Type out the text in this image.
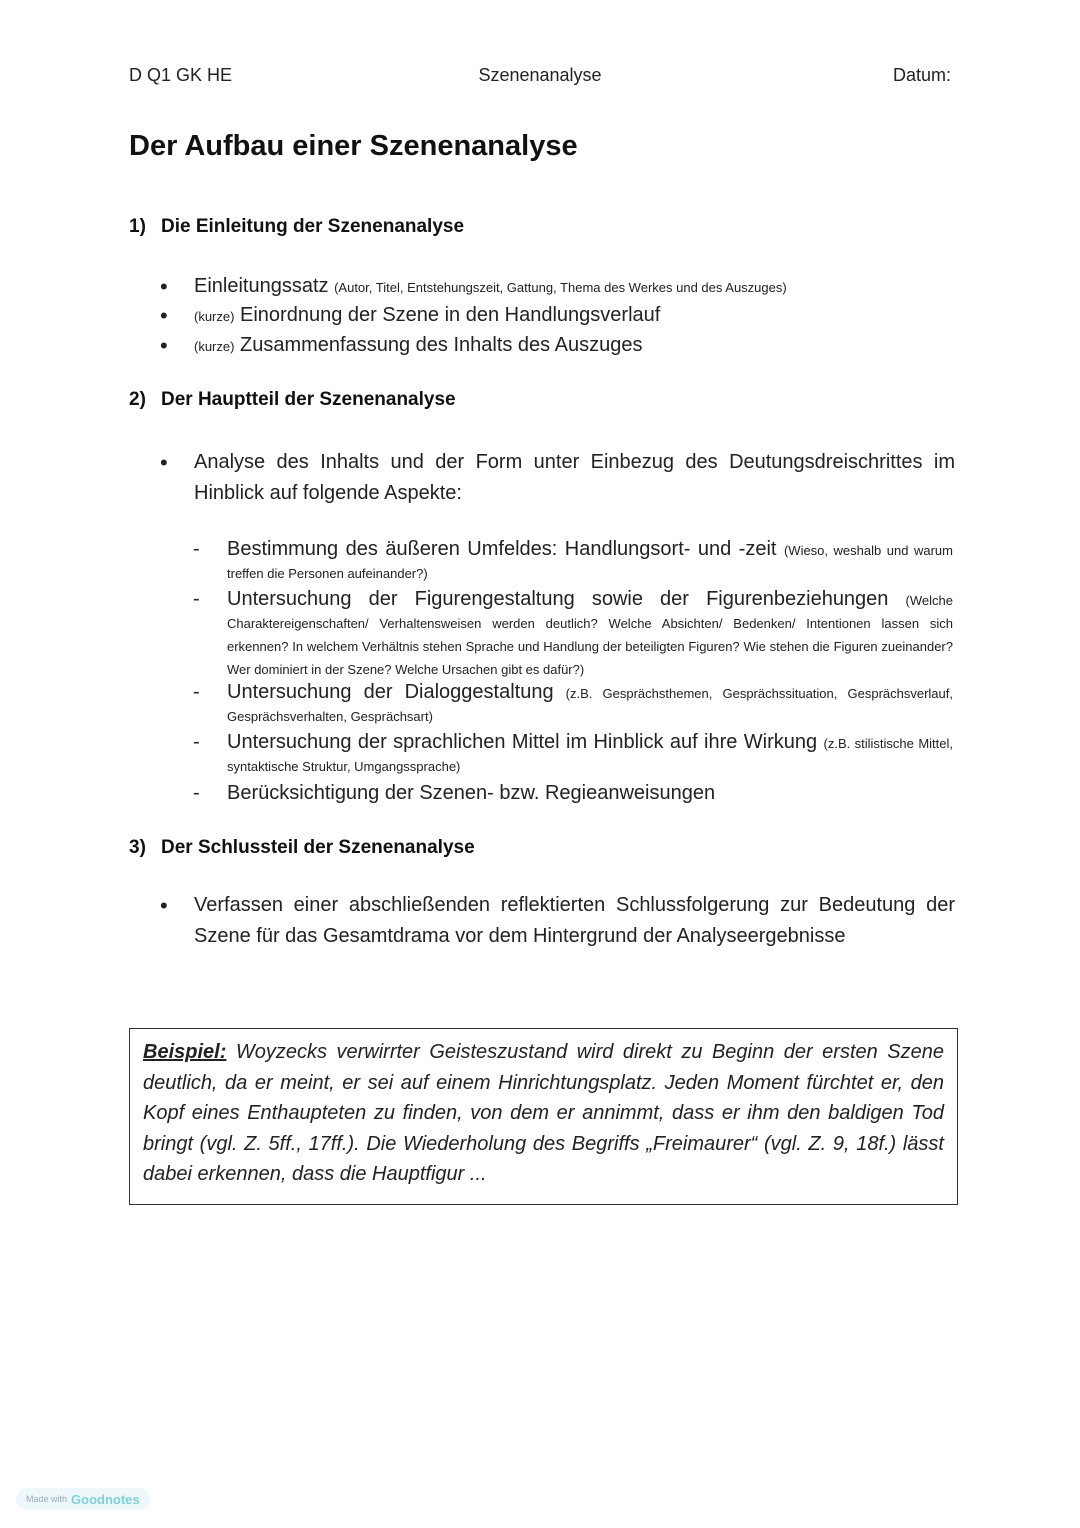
D Q1 GK HE	Szenenanalyse	Datum:
Der Aufbau einer Szenenanalyse
1) Die Einleitung der Szenenanalyse
•	Einleitungssatz (Autor, Titel, Entstehungszeit, Gattung, Thema des Werkes und des Auszuges)
•	(kurze) Einordnung der Szene in den Handlungsverlauf
•	(kurze) Zusammenfassung des Inhalts des Auszuges
2) Der Hauptteil der Szenenanalyse
•	Analyse des Inhalts und der Form unter Einbezug des Deutungsdreischrittes im Hinblick auf folgende Aspekte:
- Bestimmung des äußeren Umfeldes: Handlungsort- und -zeit (Wieso, weshalb und warum treffen die Personen aufeinander?)
- Untersuchung der Figurengestaltung sowie der Figurenbeziehungen (Welche Charaktereigenschaften/ Verhaltensweisen werden deutlich? Welche Absichten/ Bedenken/ Intentionen lassen sich erkennen? In welchem Verhältnis stehen Sprache und Handlung der beteiligten Figuren? Wie stehen die Figuren zueinander? Wer dominiert in der Szene? Welche Ursachen gibt es dafür?)
- Untersuchung der Dialoggestaltung (z.B. Gesprächsthemen, Gesprächssituation, Gesprächsverlauf, Gesprächsverhalten, Gesprächsart)
- Untersuchung der sprachlichen Mittel im Hinblick auf ihre Wirkung (z.B. stilistische Mittel, syntaktische Struktur, Umgangssprache)
- Berücksichtigung der Szenen- bzw. Regieanweisungen
3) Der Schlussteil der Szenenanalyse
•	Verfassen einer abschließenden reflektierten Schlussfolgerung zur Bedeutung der Szene für das Gesamtdrama vor dem Hintergrund der Analyseergebnisse
Beispiel: Woyzecks verwirrter Geisteszustand wird direkt zu Beginn der ersten Szene deutlich, da er meint, er sei auf einem Hinrichtungsplatz. Jeden Moment fürchtet er, den Kopf eines Enthaupteten zu finden, von dem er annimmt, dass er ihm den baldigen Tod bringt (vgl. Z. 5ff., 17ff.). Die Wiederholung des Begriffs „Freimaurer“ (vgl. Z. 9, 18f.) lässt dabei erkennen, dass die Hauptfigur ...
Made with Goodnotes
